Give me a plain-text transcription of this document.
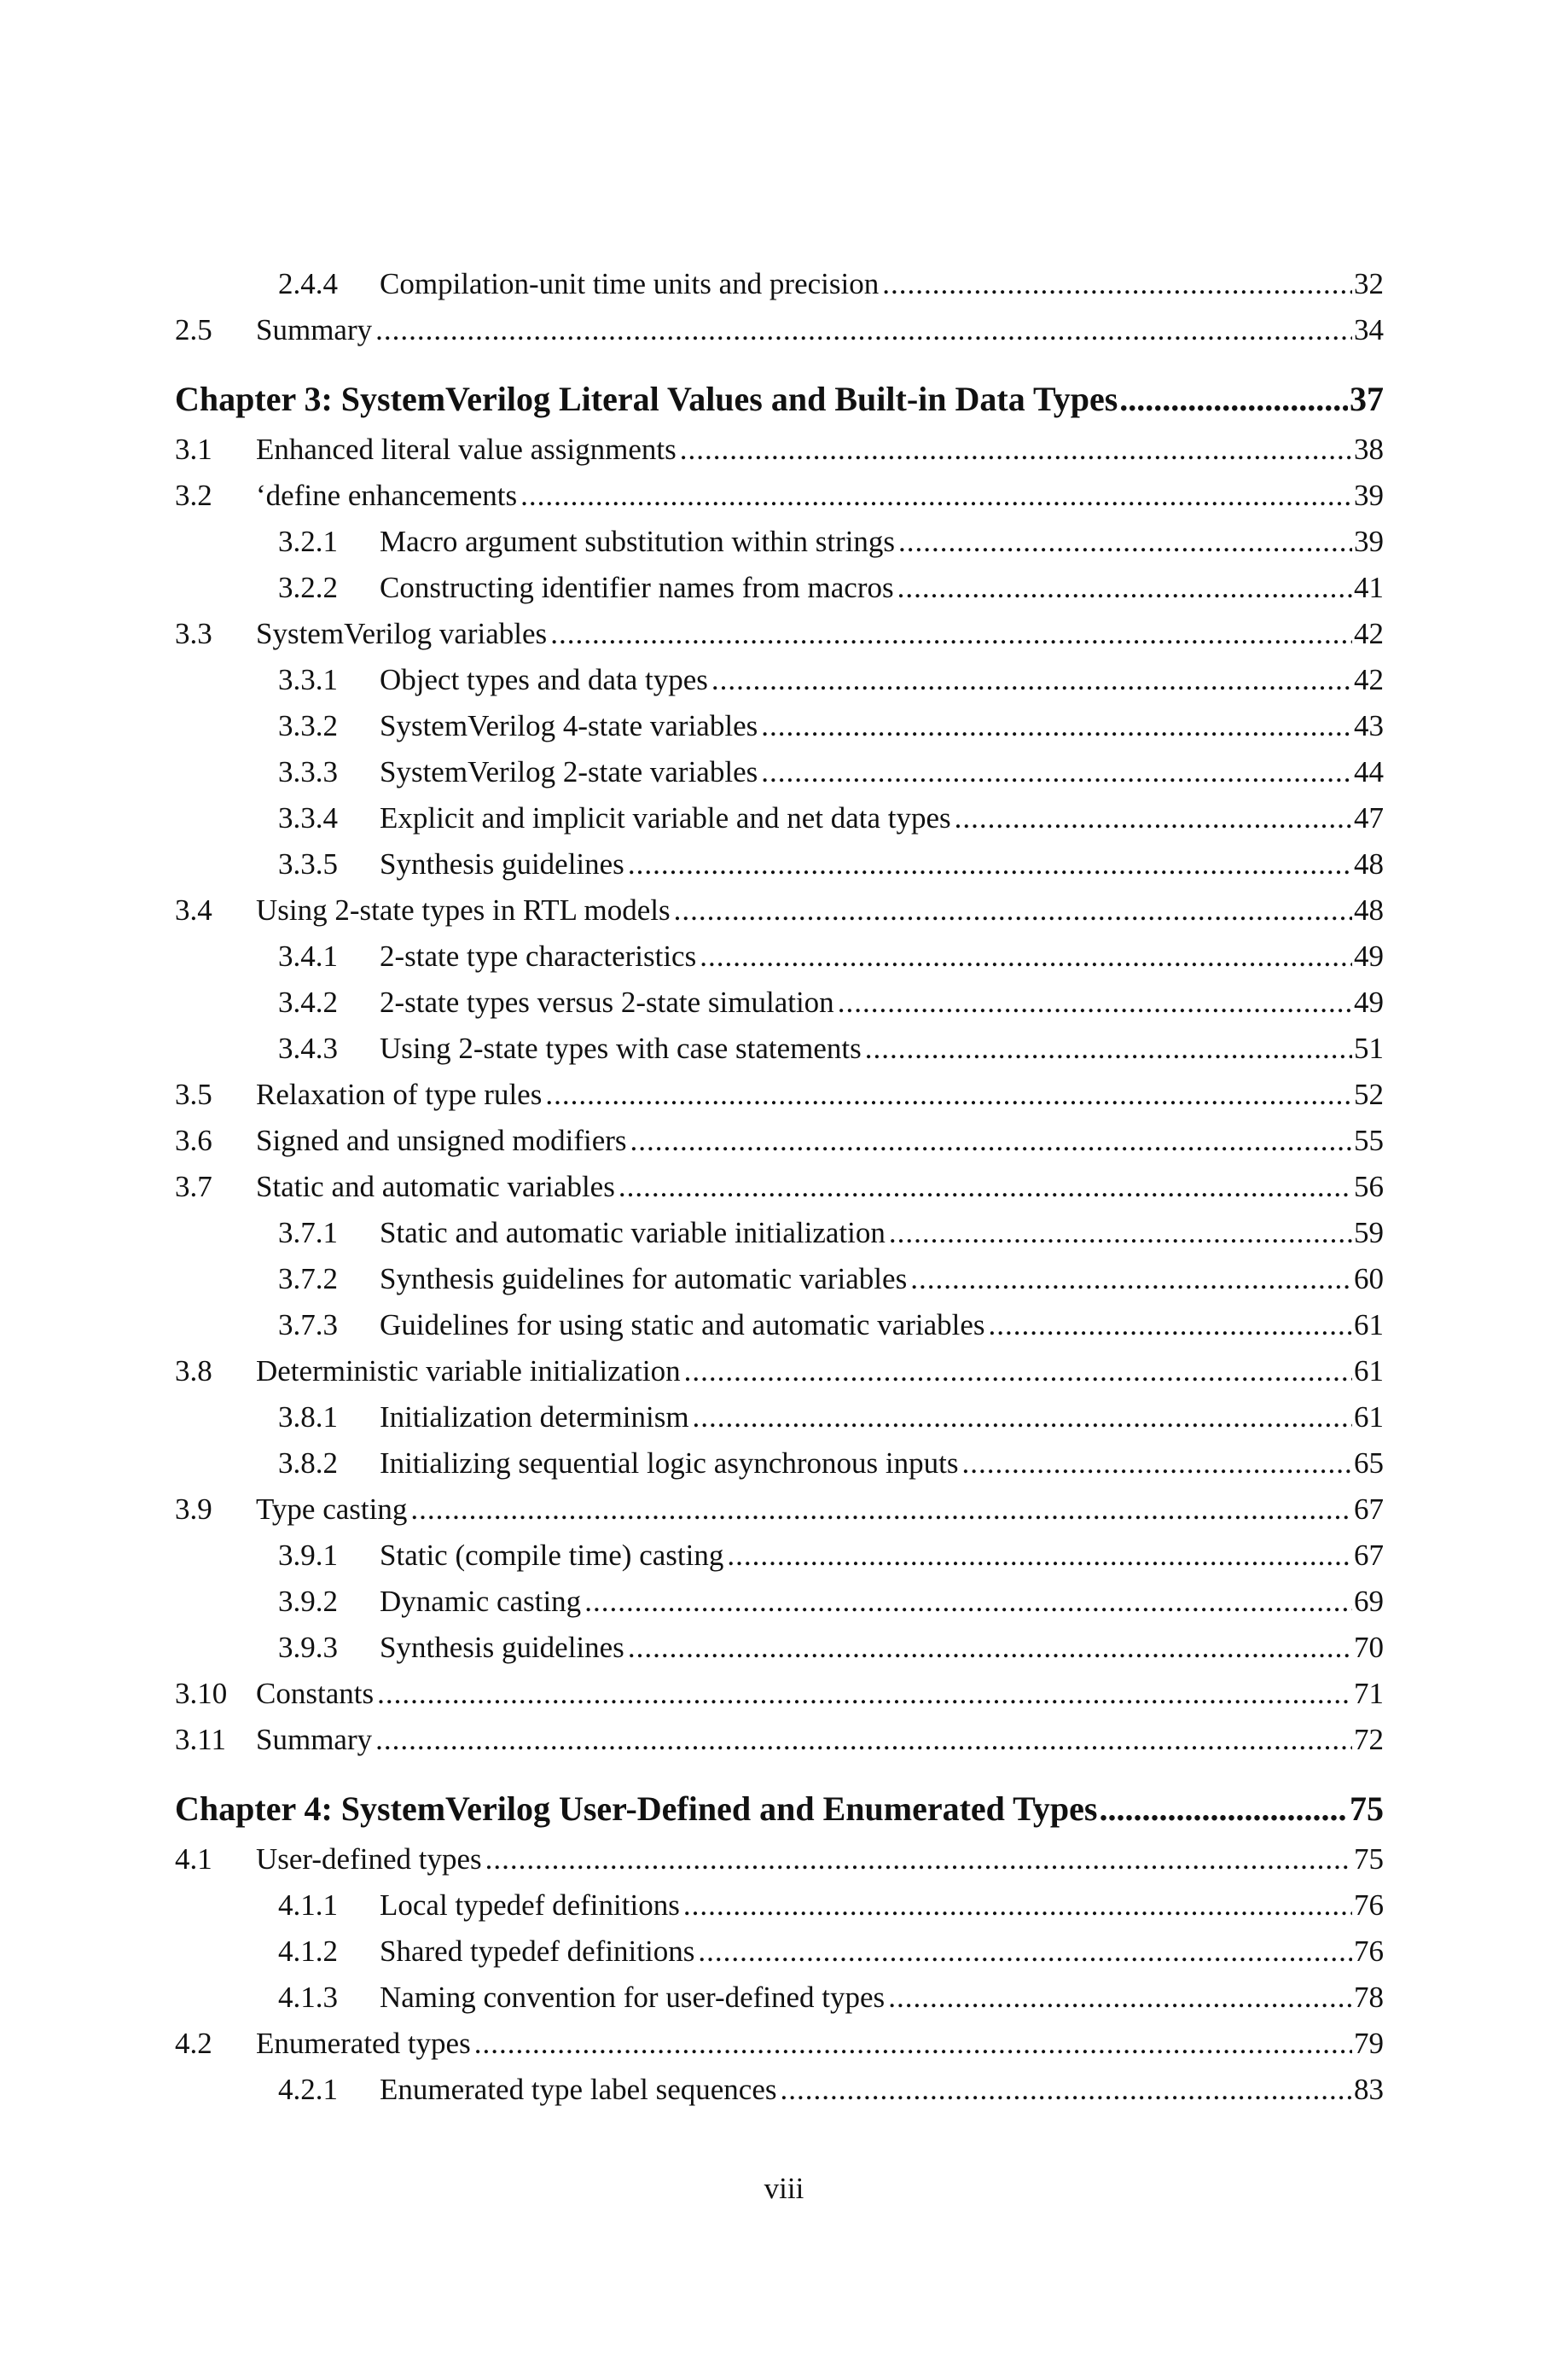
2.4.4	Compilation-unit time units and precision .....	32
2.5	Summary .....	34
Chapter 3: SystemVerilog Literal Values and Built-in Data Types .....	37
3.1	Enhanced literal value assignments .....	38
3.2	‘define enhancements .....	39
3.2.1	Macro argument substitution within strings .....	39
3.2.2	Constructing identifier names from macros .....	41
3.3	SystemVerilog variables .....	42
3.3.1	Object types and data types .....	42
3.3.2	SystemVerilog 4-state variables .....	43
3.3.3	SystemVerilog 2-state variables .....	44
3.3.4	Explicit and implicit variable and net data types .....	47
3.3.5	Synthesis guidelines .....	48
3.4	Using 2-state types in RTL models .....	48
3.4.1	2-state type characteristics .....	49
3.4.2	2-state types versus 2-state simulation .....	49
3.4.3	Using 2-state types with case statements .....	51
3.5	Relaxation of type rules .....	52
3.6	Signed and unsigned modifiers .....	55
3.7	Static and automatic variables .....	56
3.7.1	Static and automatic variable initialization .....	59
3.7.2	Synthesis guidelines for automatic variables .....	60
3.7.3	Guidelines for using static and automatic variables .....	61
3.8	Deterministic variable initialization .....	61
3.8.1	Initialization determinism .....	61
3.8.2	Initializing sequential logic asynchronous inputs .....	65
3.9	Type casting .....	67
3.9.1	Static (compile time) casting .....	67
3.9.2	Dynamic casting .....	69
3.9.3	Synthesis guidelines .....	70
3.10 Constants .....	71
3.11	Summary .....	72
Chapter 4: SystemVerilog User-Defined and Enumerated Types .....	75
4.1	User-defined types .....	75
4.1.1	Local typedef definitions .....	76
4.1.2	Shared typedef definitions .....	76
4.1.3	Naming convention for user-defined types .....	78
4.2	Enumerated types .....	79
4.2.1	Enumerated type label sequences .....	83
viii
